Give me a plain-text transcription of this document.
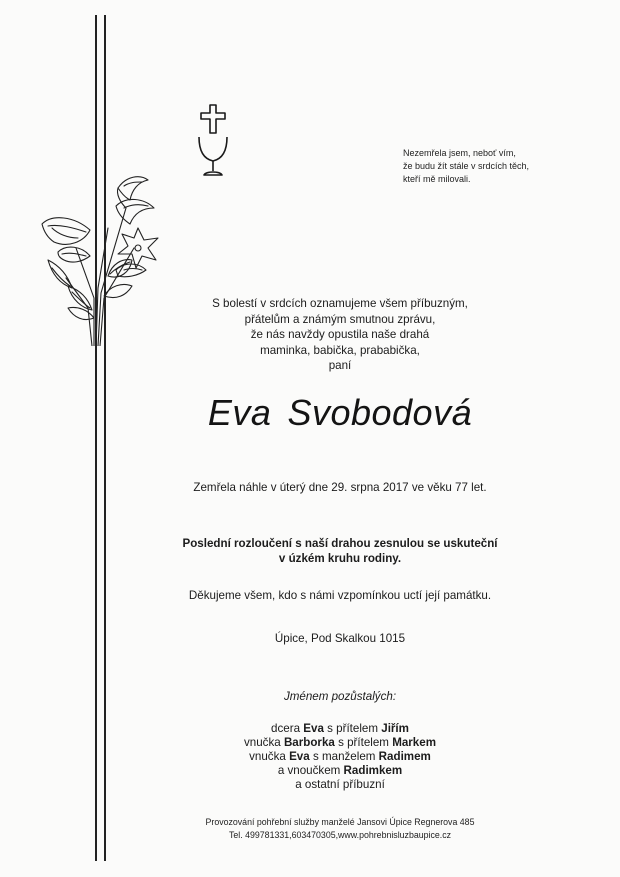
Nezemřela jsem, neboť vím,
že budu žít stále v srdcích těch,
kteří mě milovali.
S bolestí v srdcích oznamujeme všem příbuzným,
přátelům a známým smutnou zprávu,
že nás navždy opustila naše drahá
maminka, babička, prababička,
paní
Eva Svobodová
Zemřela náhle v úterý dne 29. srpna 2017 ve věku 77 let.
Poslední rozloučení s naší drahou zesnulou se uskuteční
v úzkém kruhu rodiny.
Děkujeme všem, kdo s námi vzpomínkou uctí její památku.
Úpice, Pod Skalkou 1015
Jménem pozůstalých:
dcera Eva s přítelem Jiřím
vnučka Barborka s přítelem Markem
vnučka Eva s manželem Radimem
a vnoučkem Radimkem
a ostatní příbuzní
Provozování pohřební služby manželé Jansovi Úpice Regnerova 485
Tel. 499781331,603470305,www.pohrebnisluzbaupice.cz
